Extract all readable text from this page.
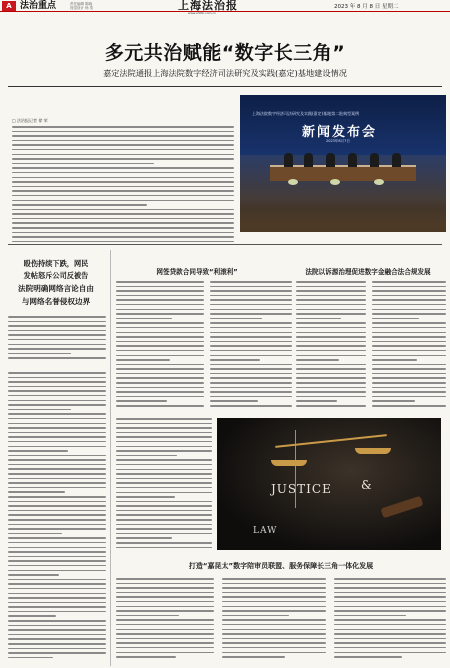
A 法治重点	责任编辑 陈晓
视觉设计 杨 奕	上海法治报
www.shfzb.com.cn
2023 年 8 月 8 日 星期二
多元共治赋能“数字长三角”
嘉定法院通报上海法院数字经济司法研究及实践(嘉定)基地建设情况
□ 法治报记者 徐 荣
上海法院数字经济司法研究及实践(嘉定)基地第二批典型案例
新闻发布会
2023年8月7日
殴伤持续下跌，网民
发帖怒斥公司反被告
法院明确网络言论自由
与网络名誉侵权边界
网签贷款合同导致“利滚利”	法院以诉源治理促进数字金融合法合规发展
JUSTICE &
LAW
打造“嘉昆太”数字陪审员联盟、服务保障长三角一体化发展
